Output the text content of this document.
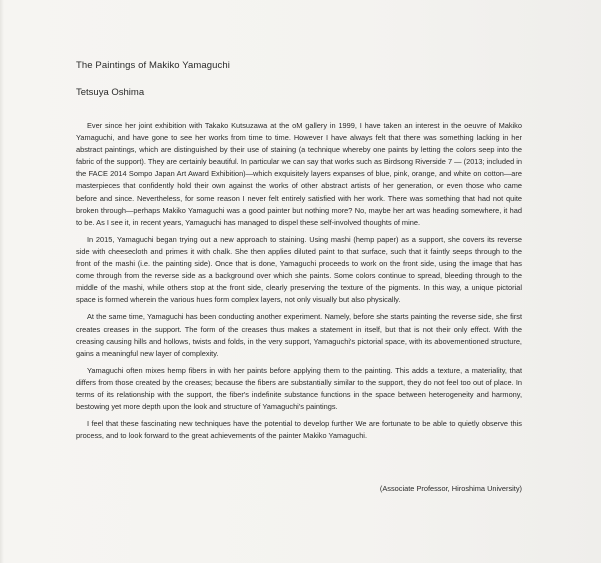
The Paintings of Makiko Yamaguchi
Tetsuya Oshima

Ever since her joint exhibition with Takako Kutsuzawa at the oM gallery in 1999, I have taken an interest in the oeuvre of Makiko Yamaguchi, and have gone to see her works from time to time. However I have always felt that there was something lacking in her abstract paintings, which are distinguished by their use of staining (a technique whereby one paints by letting the colors seep into the fabric of the support). They are certainly beautiful. In particular we can say that works such as Birdsong Riverside 7 — (2013; included in the FACE 2014 Sompo Japan Art Award Exhibition)—which exquisitely layers expanses of blue, pink, orange, and white on cotton—are masterpieces that confidently hold their own against the works of other abstract artists of her generation, or even those who came before and since. Nevertheless, for some reason I never felt entirely satisfied with her work. There was something that had not quite broken through—perhaps Makiko Yamaguchi was a good painter but nothing more? No, maybe her art was heading somewhere, it had to be. As I see it, in recent years, Yamaguchi has managed to dispel these self-involved thoughts of mine.

In 2015, Yamaguchi began trying out a new approach to staining. Using mashi (hemp paper) as a support, she covers its reverse side with cheesecloth and primes it with chalk. She then applies diluted paint to that surface, such that it faintly seeps through to the front of the mashi (i.e. the painting side). Once that is done, Yamaguchi proceeds to work on the front side, using the image that has come through from the reverse side as a background over which she paints. Some colors continue to spread, bleeding through to the middle of the mashi, while others stop at the front side, clearly preserving the texture of the pigments. In this way, a unique pictorial space is formed wherein the various hues form complex layers, not only visually but also physically.

At the same time, Yamaguchi has been conducting another experiment. Namely, before she starts painting the reverse side, she first creates creases in the support. The form of the creases thus makes a statement in itself, but that is not their only effect. With the creasing causing hills and hollows, twists and folds, in the very support, Yamaguchi's pictorial space, with its abovementioned structure, gains a meaningful new layer of complexity.

Yamaguchi often mixes hemp fibers in with her paints before applying them to the painting. This adds a texture, a materiality, that differs from those created by the creases; because the fibers are substantially similar to the support, they do not feel too out of place. In terms of its relationship with the support, the fiber's indefinite substance functions in the space between heterogeneity and harmony, bestowing yet more depth upon the look and structure of Yamaguchi's paintings.

I feel that these fascinating new techniques have the potential to develop further We are fortunate to be able to quietly observe this process, and to look forward to the great achievements of the painter Makiko Yamaguchi.

(Associate Professor, Hiroshima University)
